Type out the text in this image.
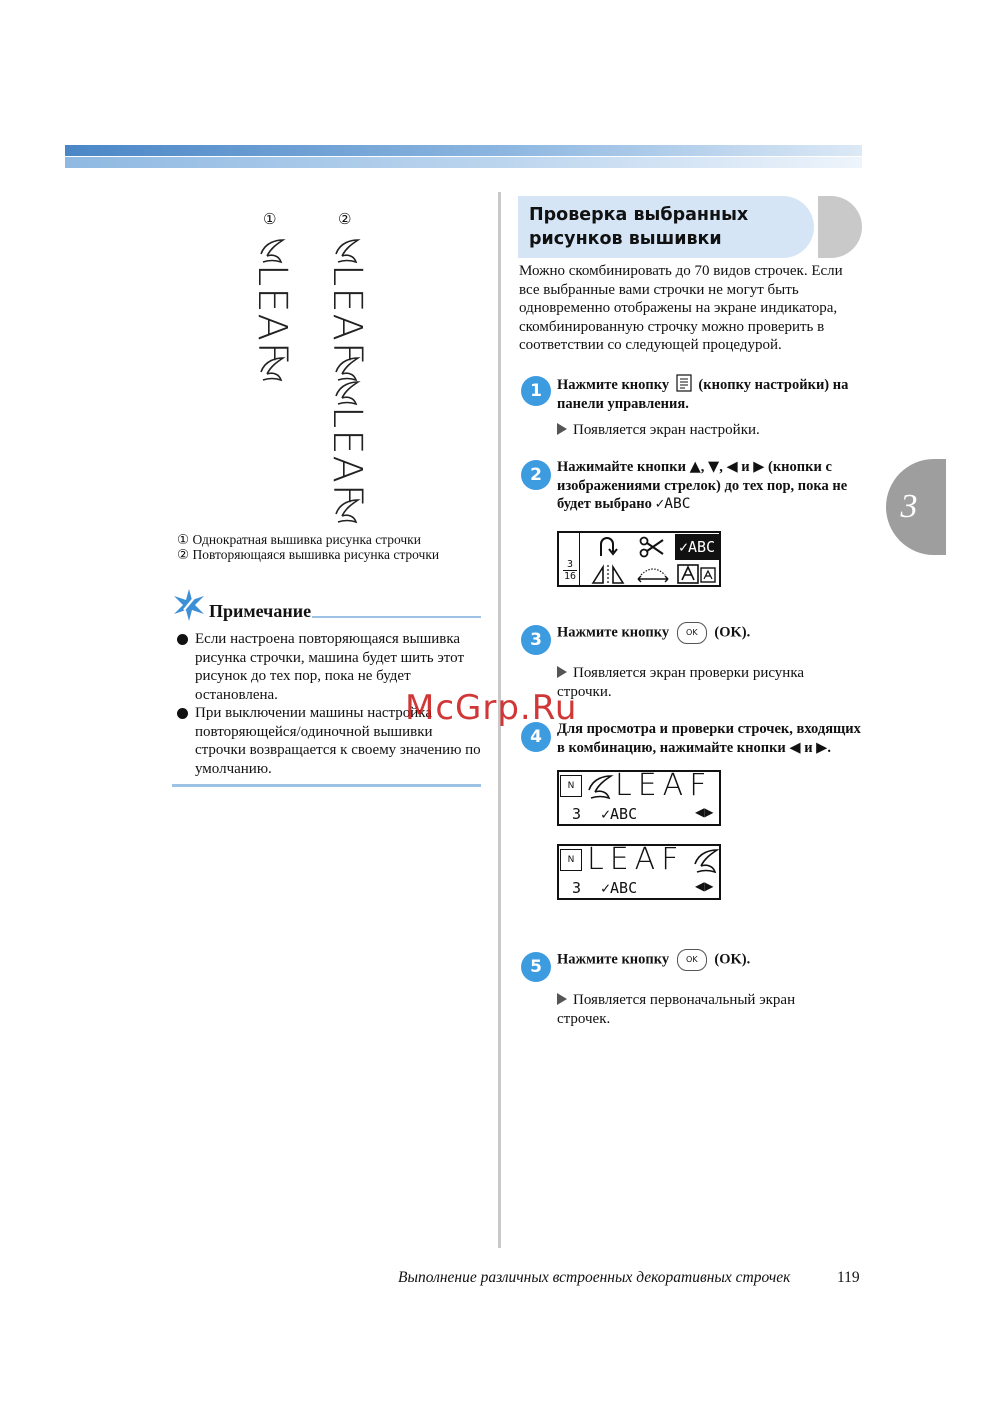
3
①	②
LEAF LEAF
LEAF
① Однократная вышивка рисунка строчки
② Повторяющаяся вышивка рисунка строчки
Примечание
Если настроена повторяющаяся вышивка рисунка строчки, машина будет шить этот рисунок до тех пор, пока не будет остановлена.
При выключении машины настройка повторяющейся/одиночной вышивки строчки возвращается к своему значению по умолчанию.
Проверка выбранных
рисунков вышивки
Можно скомбинировать до 70 видов строчек. Если все выбранные вами строчки не могут быть одновременно отображены на экране индикатора, скомбинированную строчку можно проверить в соответствии со следующей процедурой.
1	Нажмите кнопку (кнопку настройки) на панели управления.
Появляется экран настройки.
2	Нажимайте кнопки ▲, ▼, ◀ и ▶ (кнопки с изображениями стрелок) до тех пор, пока не будет выбрано ✓ABC
3
16
✓ABC
3	Нажмите кнопку OK (OK).
Появляется экран проверки рисунка строчки.
4	Для просмотра и проверки строчек, входящих в комбинацию, нажимайте кнопки ◀ и ▶.
N LEAF
3 ✓ABC	◀▶
N LEAF
3 ✓ABC	◀▶
5	Нажмите кнопку OK (OK).
Появляется первоначальный экран строчек.
McGrp.Ru
Выполнение различных встроенных декоративных строчек	119
